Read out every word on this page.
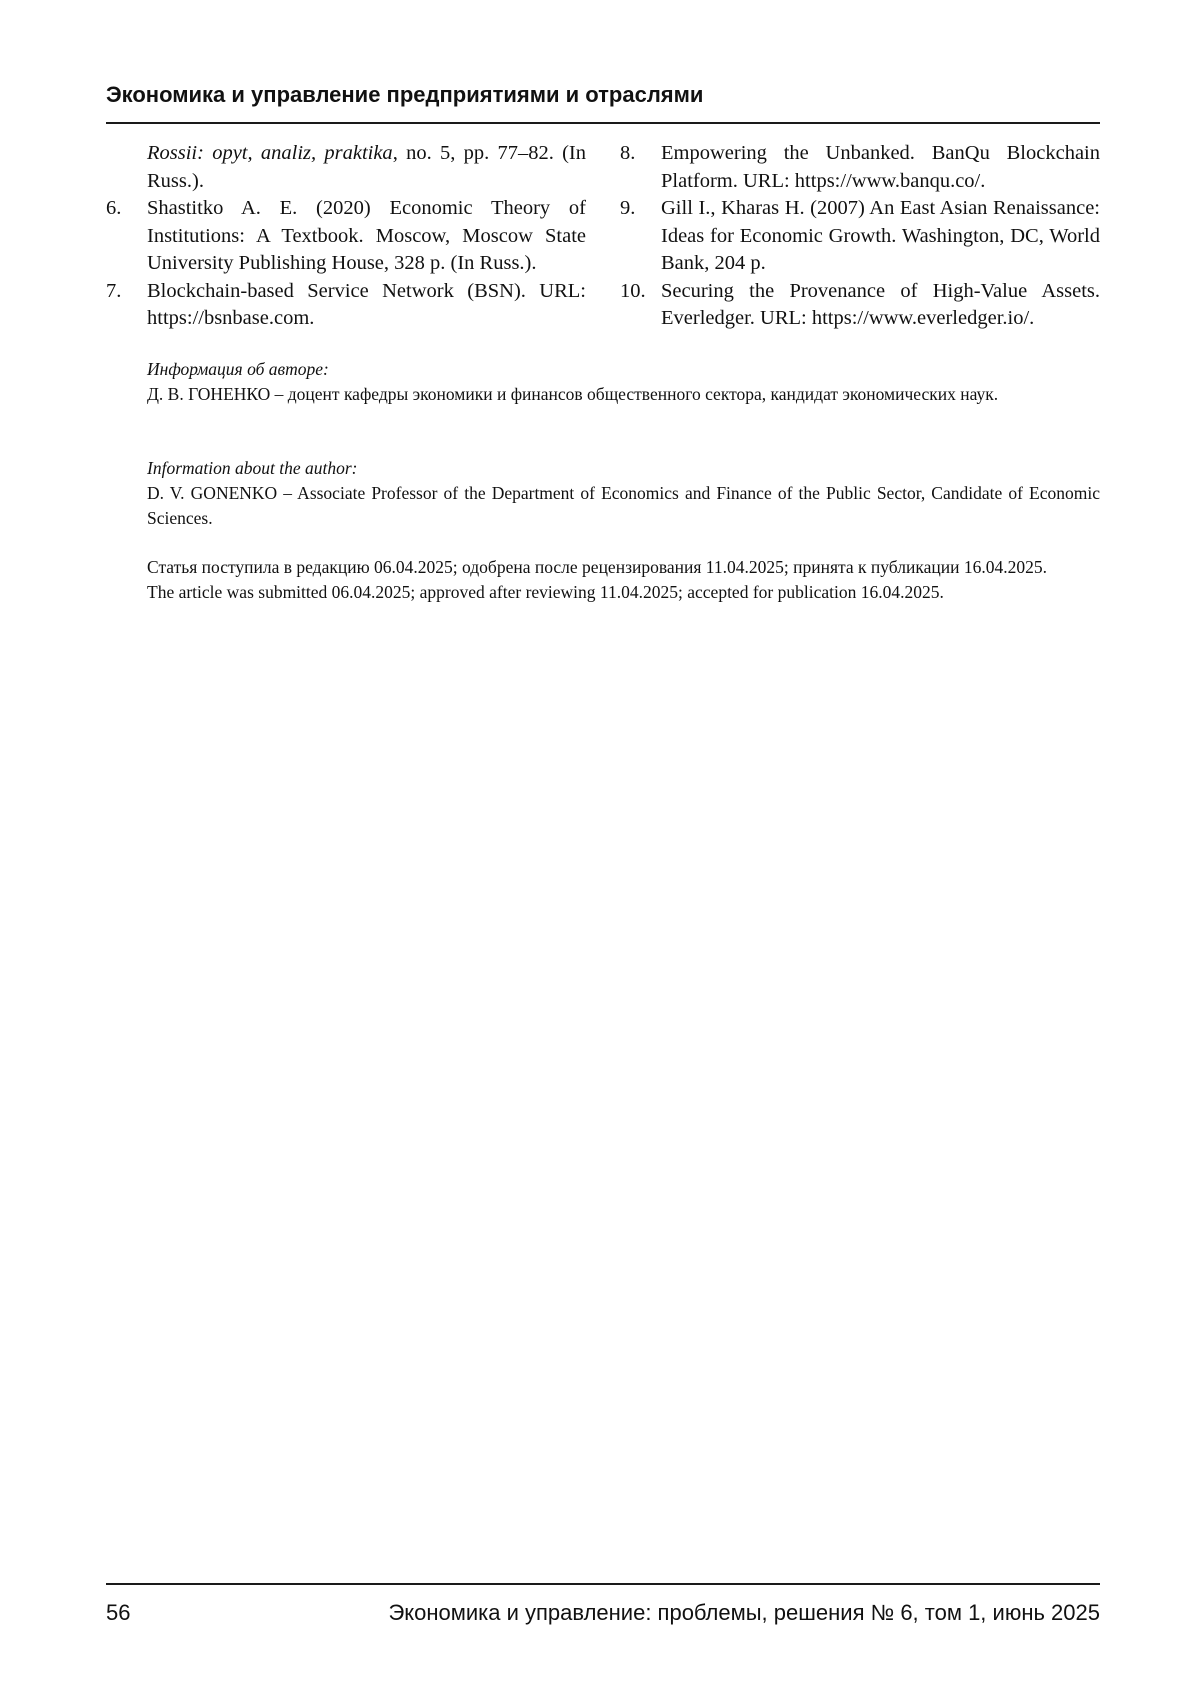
Экономика и управление предприятиями и отраслями
Rossii: opyt, analiz, praktika, no. 5, pp. 77–82. (In Russ.).
6.	Shastitko A. E. (2020) Economic Theory of Institutions: A Textbook. Moscow, Moscow State University Publishing House, 328 p. (In Russ.).
7.	Blockchain-based Service Network (BSN). URL: https://bsnbase.com.
8.	Empowering the Unbanked. BanQu Blockchain Platform. URL: https://www.banqu.co/.
9.	Gill I., Kharas H. (2007) An East Asian Renaissance: Ideas for Economic Growth. Washington, DC, World Bank, 204 p.
10. Securing the Provenance of High-Value Assets. Everledger. URL: https://www.everledger.io/.
Информация об авторе:
Д. В. ГОНЕНКО – доцент кафедры экономики и финансов общественного сектора, кандидат экономических наук.
Information about the author:
D. V. GONENKO – Associate Professor of the Department of Economics and Finance of the Public Sector, Candidate of Economic Sciences.
Статья поступила в редакцию 06.04.2025; одобрена после рецензирования 11.04.2025; принята к публикации 16.04.2025.
The article was submitted 06.04.2025; approved after reviewing 11.04.2025; accepted for publication 16.04.2025.
56	Экономика и управление: проблемы, решения № 6, том 1, июнь 2025
